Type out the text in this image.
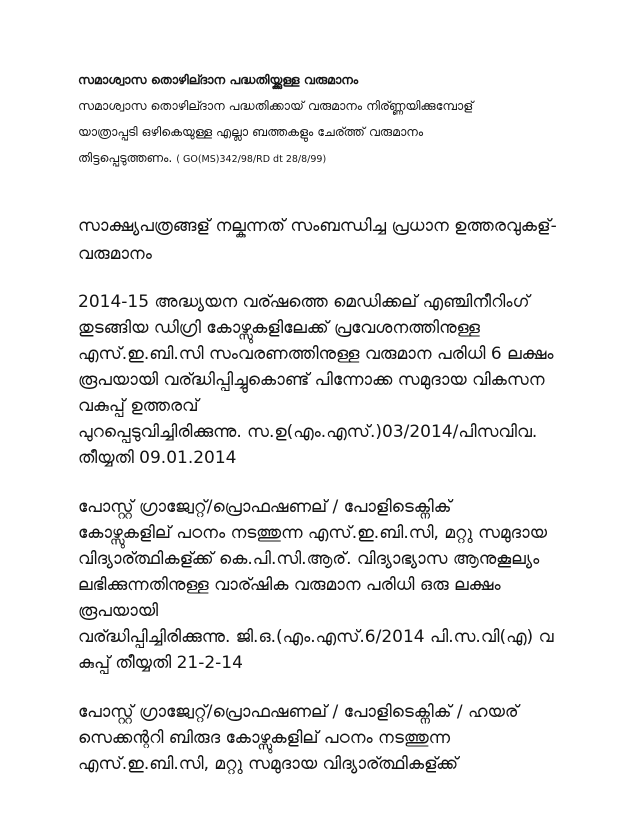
സമാശ്വാസ തൊഴില്ദാന പദ്ധതിയ്ക്കുള്ള വരുമാനം
സമാശ്വാസ തൊഴില്ദാന പദ്ധതിക്കായ് വരുമാനം നിര്ണ്ണയിക്കുമ്പോള്
യാത്രാപ്പടി ഒഴികെയുള്ള എല്ലാ ബത്തകളും ചേര്ത്ത് വരുമാനം
തിട്ടപ്പെടുത്തണം. ( GO(MS)342/98/RD dt 28/8/99)
സാക്ഷ്യപത്രങ്ങള് നല്കുന്നത് സംബന്ധിച്ച പ്രധാന ഉത്തരവുകള്-
വരുമാനം
2014-15 അദ്ധ്യയന വര്ഷത്തെ മെഡിക്കല് എഞ്ചിനീറിംഗ്
തുടങ്ങിയ ഡിഗ്രി കോഴ്സുകളിലേക്ക് പ്രവേശനത്തിനുള്ള
എസ്.ഇ.ബി.സി സംവരണത്തിനുള്ള വരുമാന പരിധി 6 ലക്ഷം
രൂപയായി വര്ദ്ധിപ്പിച്ചുകൊണ്ട് പിന്നോക്ക സമുദായ വികസന
വകുപ്പ് ഉത്തരവ്
പുറപ്പെടുവിച്ചിരിക്കുന്നു. സ.ഉ(എം.എസ്.)03/2014/പിസവിവ.
തീയ്യതി 09.01.2014
പോസ്റ്റ് ഗ്രാജ്വേറ്റ്/പ്രൊഫഷണല് / പോളിടെക്നിക്
കോഴ്സുകളില് പഠനം നടത്തുന്ന എസ്.ഇ.ബി.സി, മറ്റു സമുദായ
വിദ്യാര്ത്ഥികള്ക്ക് കെ.പി.സി.ആര്. വിദ്യാഭ്യാസ ആനുകൂല്യം
ലഭിക്കുന്നതിനുള്ള വാര്ഷിക വരുമാന പരിധി ഒരു ലക്ഷം
രൂപയായി
വര്ദ്ധിപ്പിച്ചിരിക്കുന്നു. ജി.ഒ.(എം.എസ്.6/2014 പി.സ.വി(എ) വ
കുപ്പ് തീയ്യതി 21-2-14
പോസ്റ്റ് ഗ്രാജ്വേറ്റ്/പ്രൊഫഷണല് / പോളിടെക്നിക് / ഹയര്
സെക്കന്ററി ബിരുദ കോഴ്സുകളില് പഠനം നടത്തുന്ന
എസ്.ഇ.ബി.സി, മറ്റു സമുദായ വിദ്യാര്ത്ഥികള്ക്ക്
